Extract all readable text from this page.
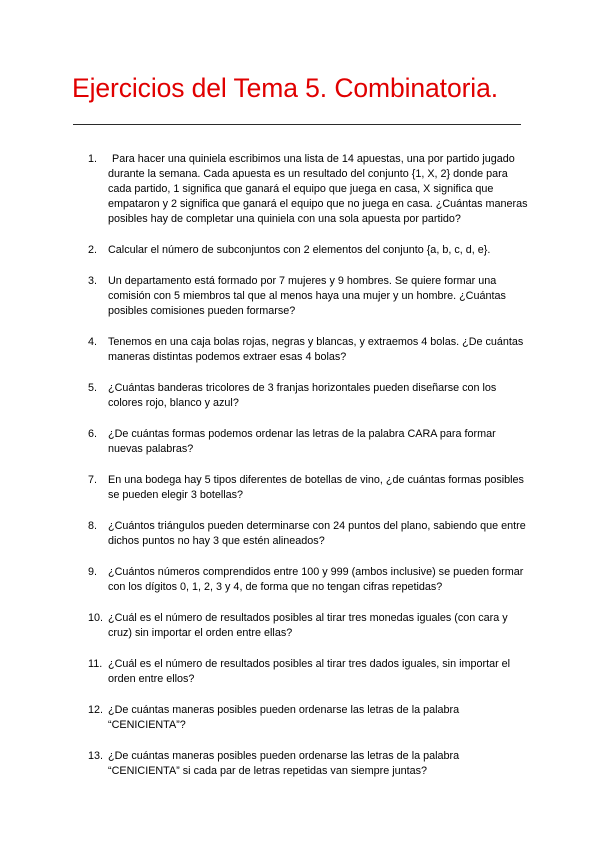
Ejercicios del Tema 5. Combinatoria.
1.	Para hacer una quiniela escribimos una lista de 14 apuestas, una por partido jugado durante la semana. Cada apuesta es un resultado del conjunto {1, X, 2} donde para cada partido, 1 significa que ganará el equipo que juega en casa, X significa que empataron y 2 significa que ganará el equipo que no juega en casa. ¿Cuántas maneras posibles hay de completar una quiniela con una sola apuesta por partido?
2. Calcular el número de subconjuntos con 2 elementos del conjunto {a, b, c, d, e}.
3. Un departamento está formado por 7 mujeres y 9 hombres. Se quiere formar una comisión con 5 miembros tal que al menos haya una mujer y un hombre. ¿Cuántas posibles comisiones pueden formarse?
4. Tenemos en una caja bolas rojas, negras y blancas, y extraemos 4 bolas. ¿De cuántas maneras distintas podemos extraer esas 4 bolas?
5. ¿Cuántas banderas tricolores de 3 franjas horizontales pueden diseñarse con los colores rojo, blanco y azul?
6. ¿De cuántas formas podemos ordenar las letras de la palabra CARA para formar nuevas palabras?
7. En una bodega hay 5 tipos diferentes de botellas de vino, ¿de cuántas formas posibles se pueden elegir 3 botellas?
8. ¿Cuántos triángulos pueden determinarse con 24 puntos del plano, sabiendo que entre dichos puntos no hay 3 que estén alineados?
9. ¿Cuántos números comprendidos entre 100 y 999 (ambos inclusive) se pueden formar con los dígitos 0, 1, 2, 3 y 4, de forma que no tengan cifras repetidas?
10. ¿Cuál es el número de resultados posibles al tirar tres monedas iguales (con cara y cruz) sin importar el orden entre ellas?
11. ¿Cuál es el número de resultados posibles al tirar tres dados iguales, sin importar el orden entre ellos?
12. ¿De cuántas maneras posibles pueden ordenarse las letras de la palabra “CENICIENTA”?
13. ¿De cuántas maneras posibles pueden ordenarse las letras de la palabra “CENICIENTA” si cada par de letras repetidas van siempre juntas?
